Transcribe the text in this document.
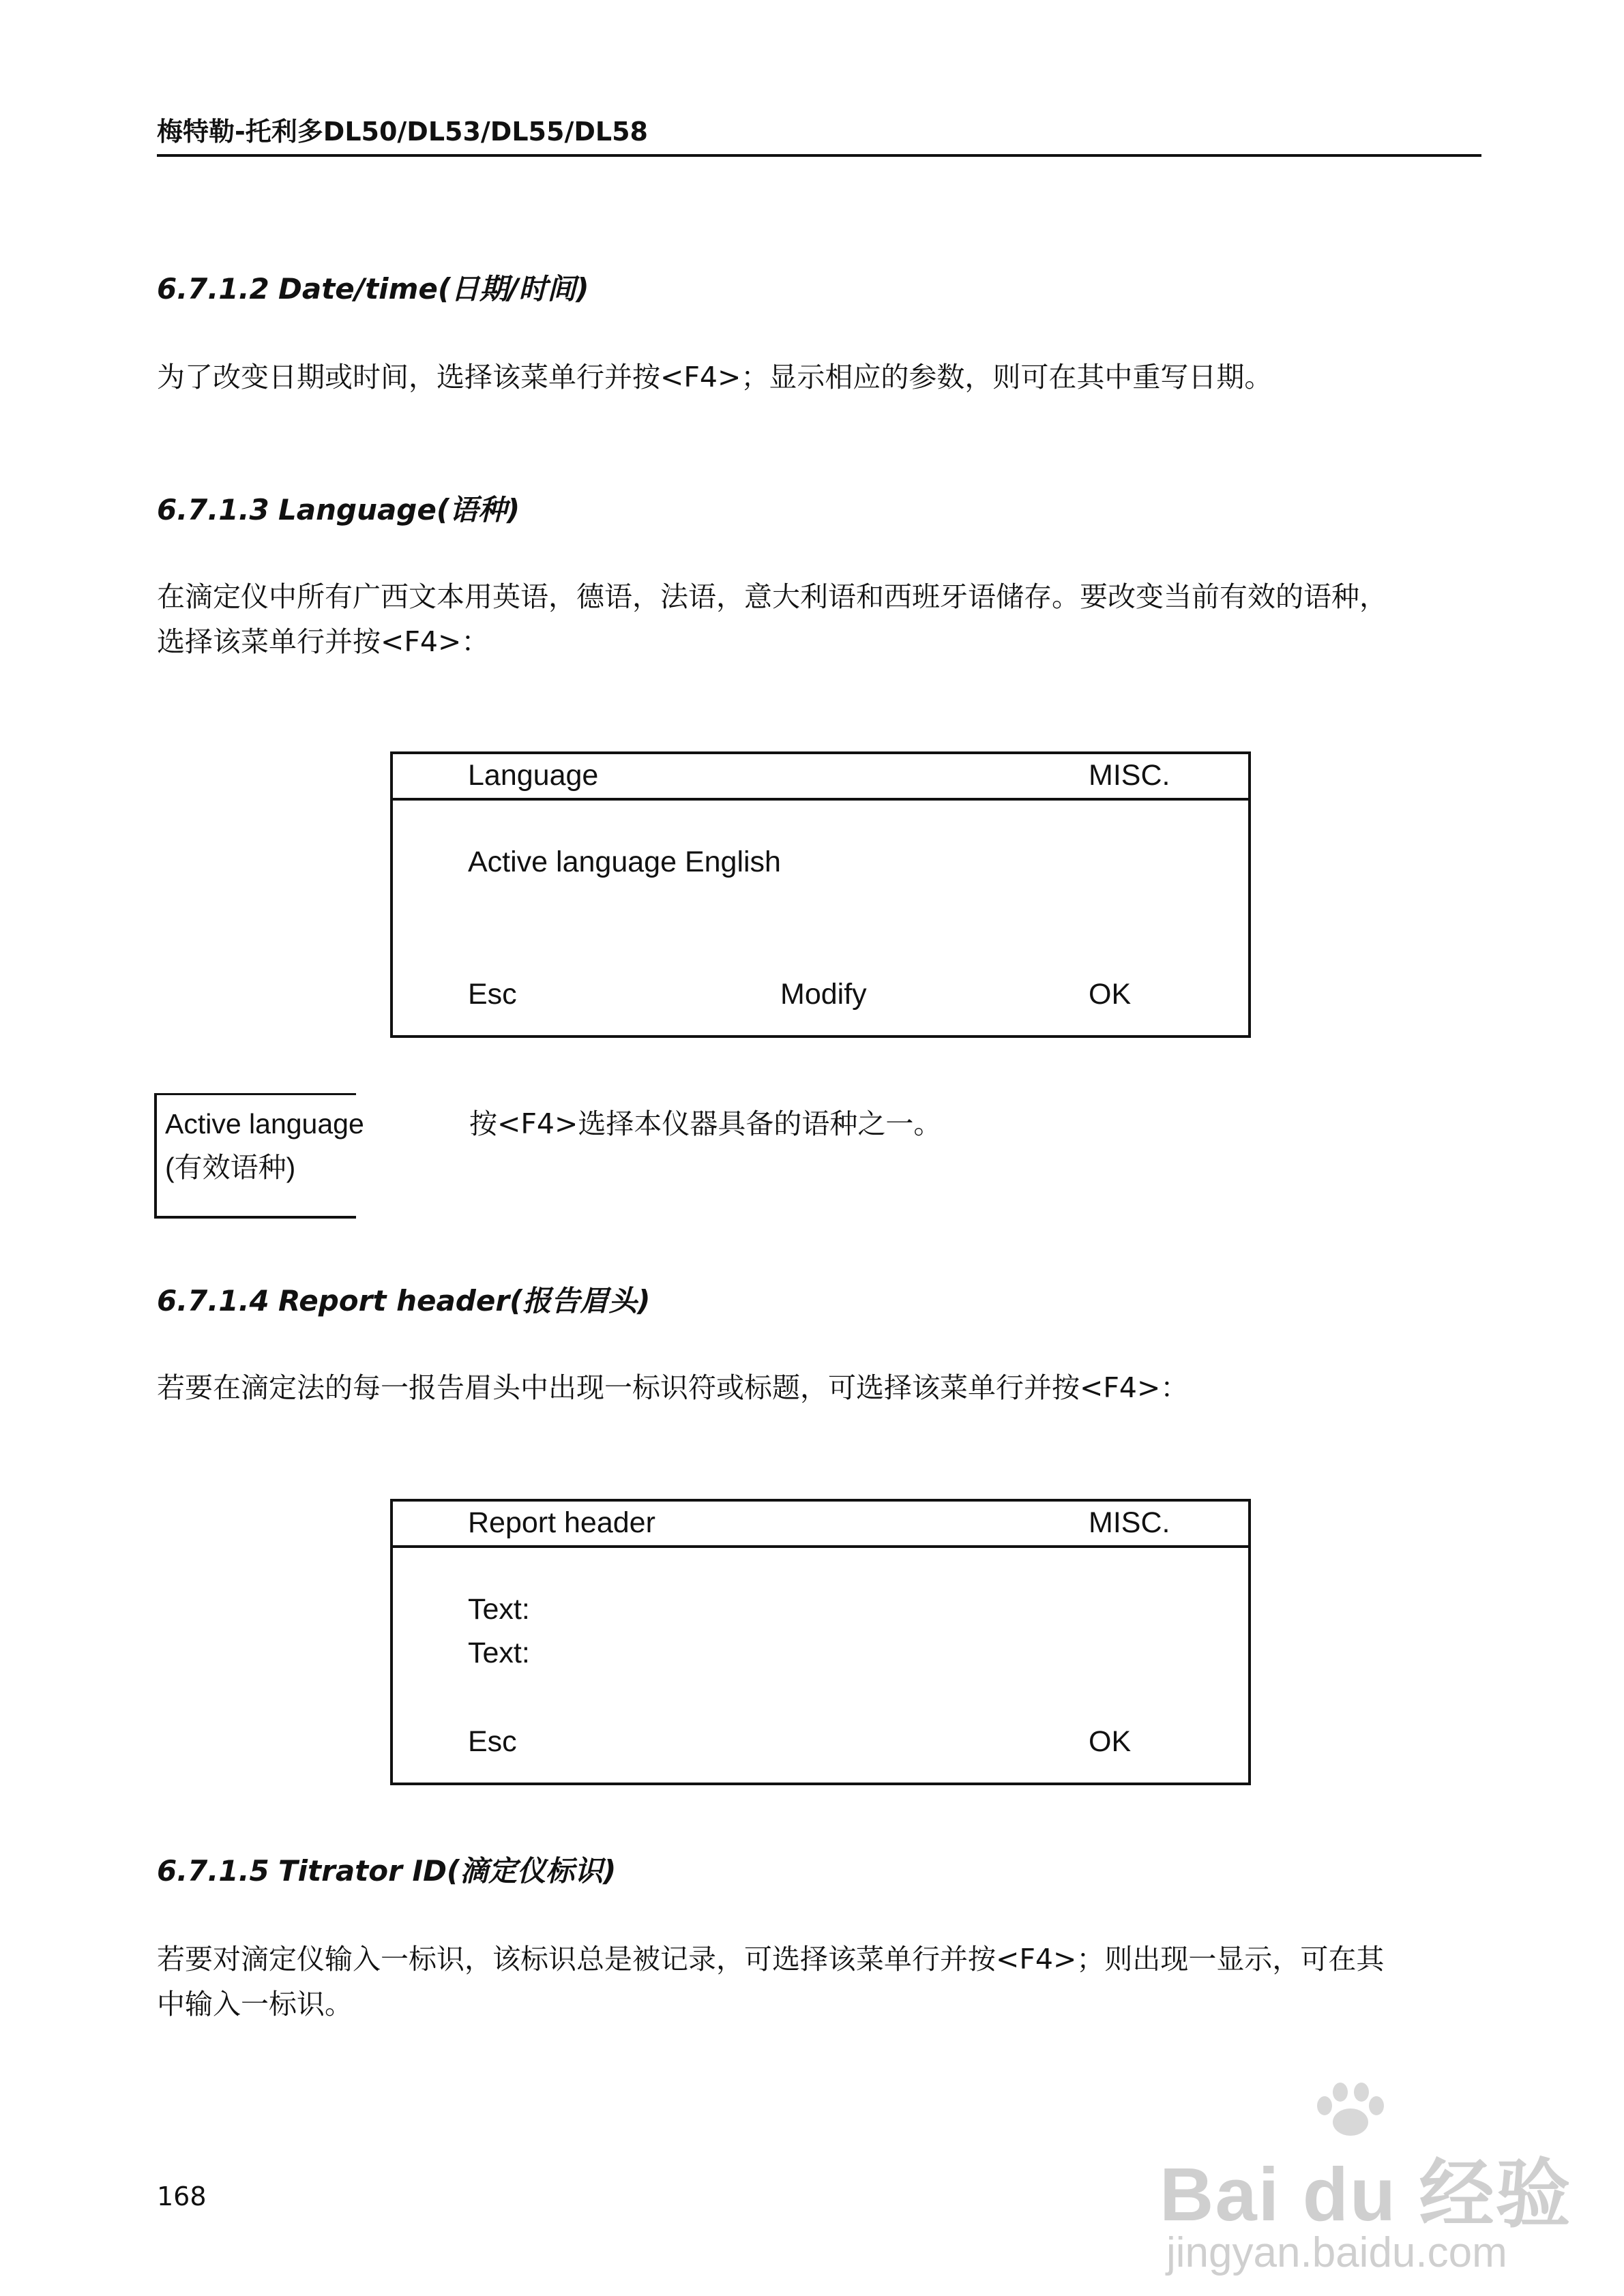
梅特勒-托利多DL50/DL53/DL55/DL58
6.7.1.2 Date/time(日期/时间)
为了改变日期或时间，选择该菜单行并按<F4>；显示相应的参数，则可在其中重写日期。
6.7.1.3 Language(语种)
在滴定仪中所有广西文本用英语，德语，法语，意大利语和西班牙语储存。要改变当前有效的语种，
选择该菜单行并按<F4>：
Language	MISC.
Active language English
Esc	Modify	OK
Active language
(有效语种)
按<F4>选择本仪器具备的语种之一。
6.7.1.4 Report header(报告眉头)
若要在滴定法的每一报告眉头中出现一标识符或标题，可选择该菜单行并按<F4>：
Report header	MISC.
Text:
Text:
Esc	OK
6.7.1.5 Titrator ID(滴定仪标识)
若要对滴定仪输入一标识，该标识总是被记录，可选择该菜单行并按<F4>；则出现一显示，可在其
中输入一标识。
168	Bai du 经验
jingyan.baidu.com
